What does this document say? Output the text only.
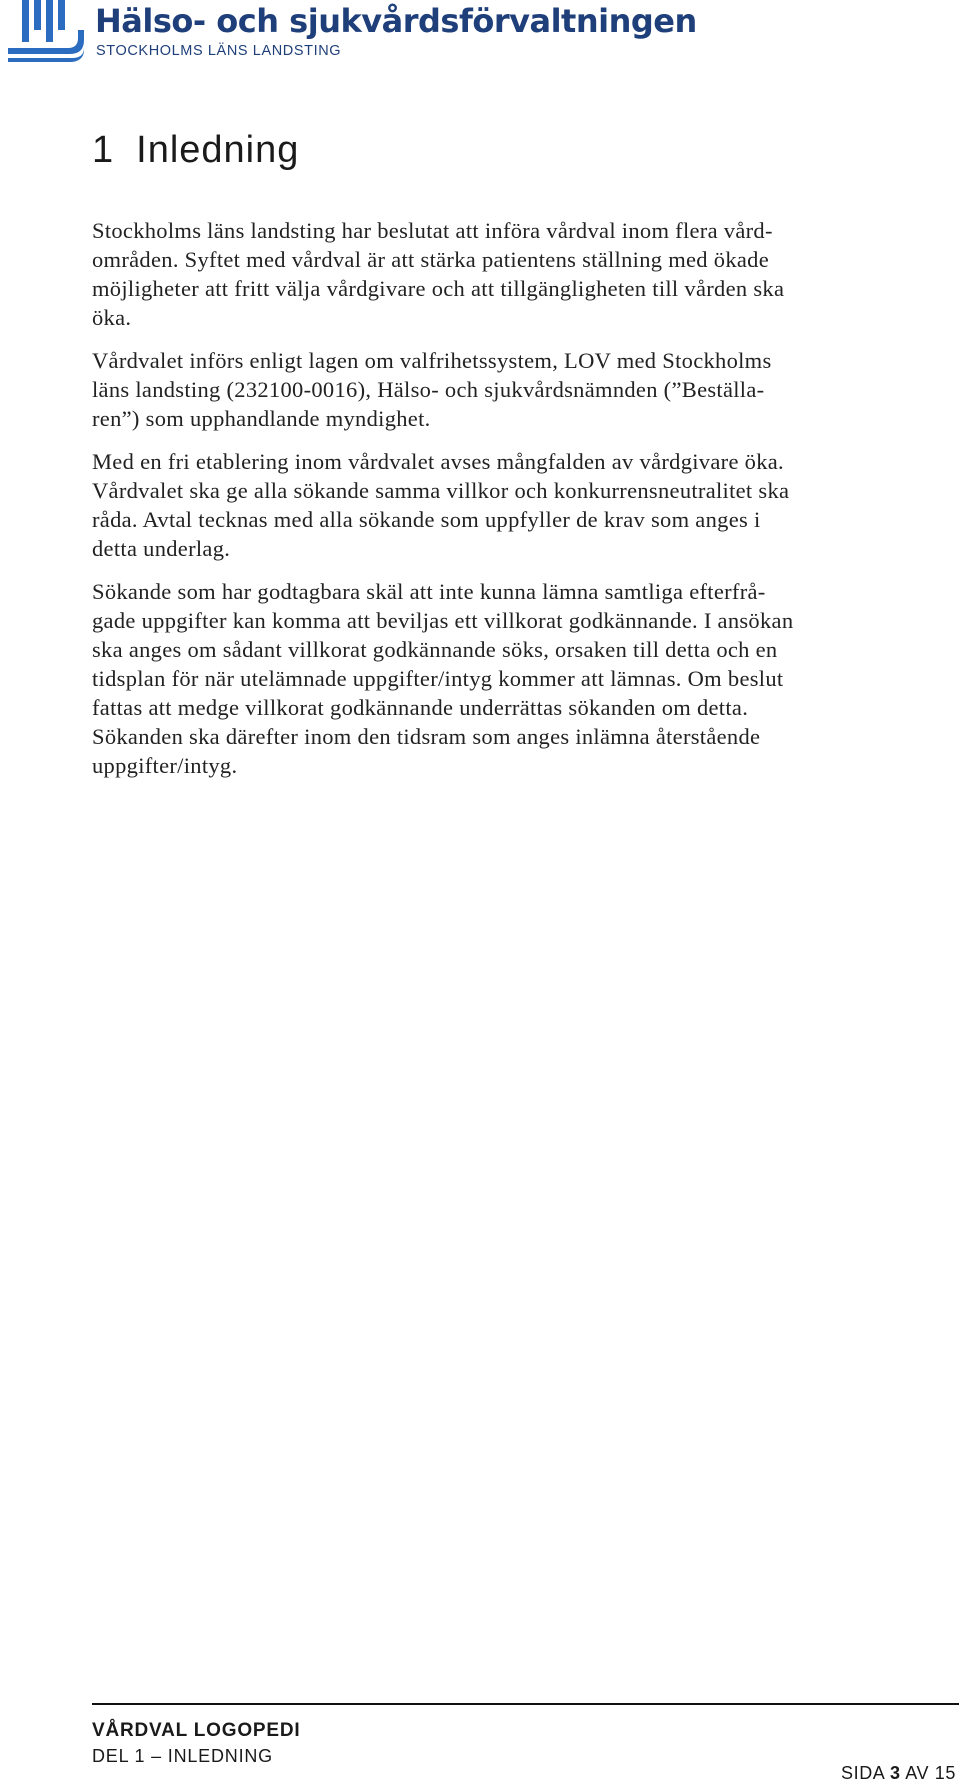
Hälso- och sjukvårdsförvaltningen
STOCKHOLMS LÄNS LANDSTING
1 Inledning

Stockholms läns landsting har beslutat att införa vårdval inom flera vård-
områden. Syftet med vårdval är att stärka patientens ställning med ökade
möjligheter att fritt välja vårdgivare och att tillgängligheten till vården ska
öka.

Vårdvalet införs enligt lagen om valfrihetssystem, LOV med Stockholms
läns landsting (232100-0016), Hälso- och sjukvårdsnämnden (”Beställa-
ren”) som upphandlande myndighet.

Med en fri etablering inom vårdvalet avses mångfalden av vårdgivare öka.
Vårdvalet ska ge alla sökande samma villkor och konkurrensneutralitet ska
råda. Avtal tecknas med alla sökande som uppfyller de krav som anges i
detta underlag.

Sökande som har godtagbara skäl att inte kunna lämna samtliga efterfrå-
gade uppgifter kan komma att beviljas ett villkorat godkännande. I ansökan
ska anges om sådant villkorat godkännande söks, orsaken till detta och en
tidsplan för när utelämnade uppgifter/intyg kommer att lämnas. Om beslut
fattas att medge villkorat godkännande underrättas sökanden om detta.
Sökanden ska därefter inom den tidsram som anges inlämna återstående
uppgifter/intyg.

VÅRDVAL LOGOPEDI
DEL 1 – INLEDNING
SIDA 3 AV 15
